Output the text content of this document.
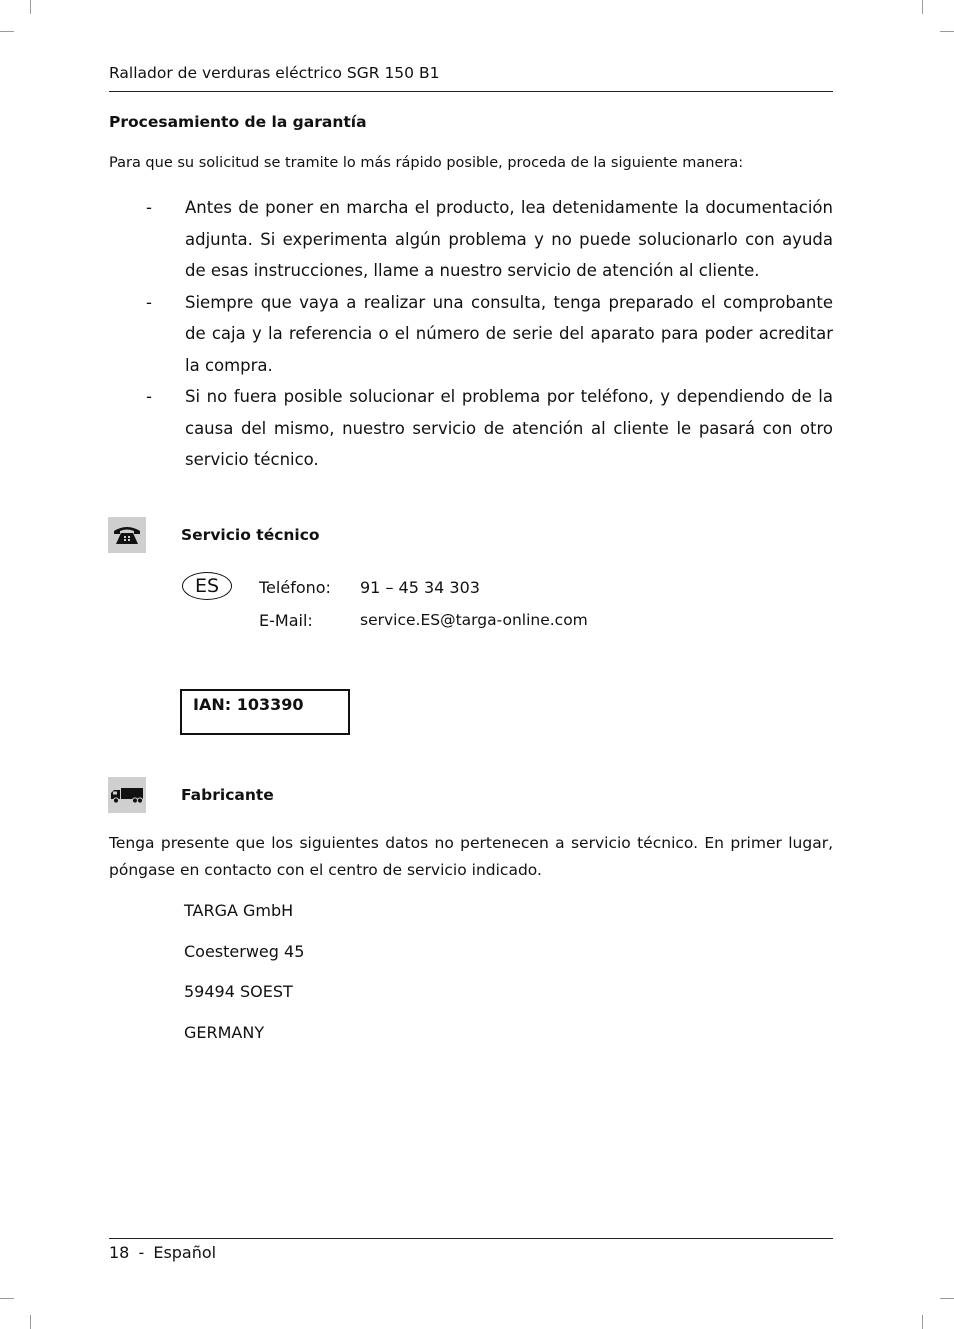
Rallador de verduras eléctrico SGR 150 B1
Procesamiento de la garantía
Para que su solicitud se tramite lo más rápido posible, proceda de la siguiente manera:
-	Antes de poner en marcha el producto, lea detenidamente la documentación adjunta. Si experimenta algún problema y no puede solucionarlo con ayuda de esas instrucciones, llame a nuestro servicio de atención al cliente.
-	Siempre que vaya a realizar una consulta, tenga preparado el comprobante de caja y la referencia o el número de serie del aparato para poder acreditar la compra.
-	Si no fuera posible solucionar el problema por teléfono, y dependiendo de la causa del mismo, nuestro servicio de atención al cliente le pasará con otro servicio técnico.
Servicio técnico
ES	Teléfono: 91 – 45 34 303
E-Mail:	service.ES@targa-online.com
IAN: 103390
Fabricante
Tenga presente que los siguientes datos no pertenecen a servicio técnico. En primer lugar, póngase en contacto con el centro de servicio indicado.
TARGA GmbH
Coesterweg 45
59494 SOEST
GERMANY
18 - Español
